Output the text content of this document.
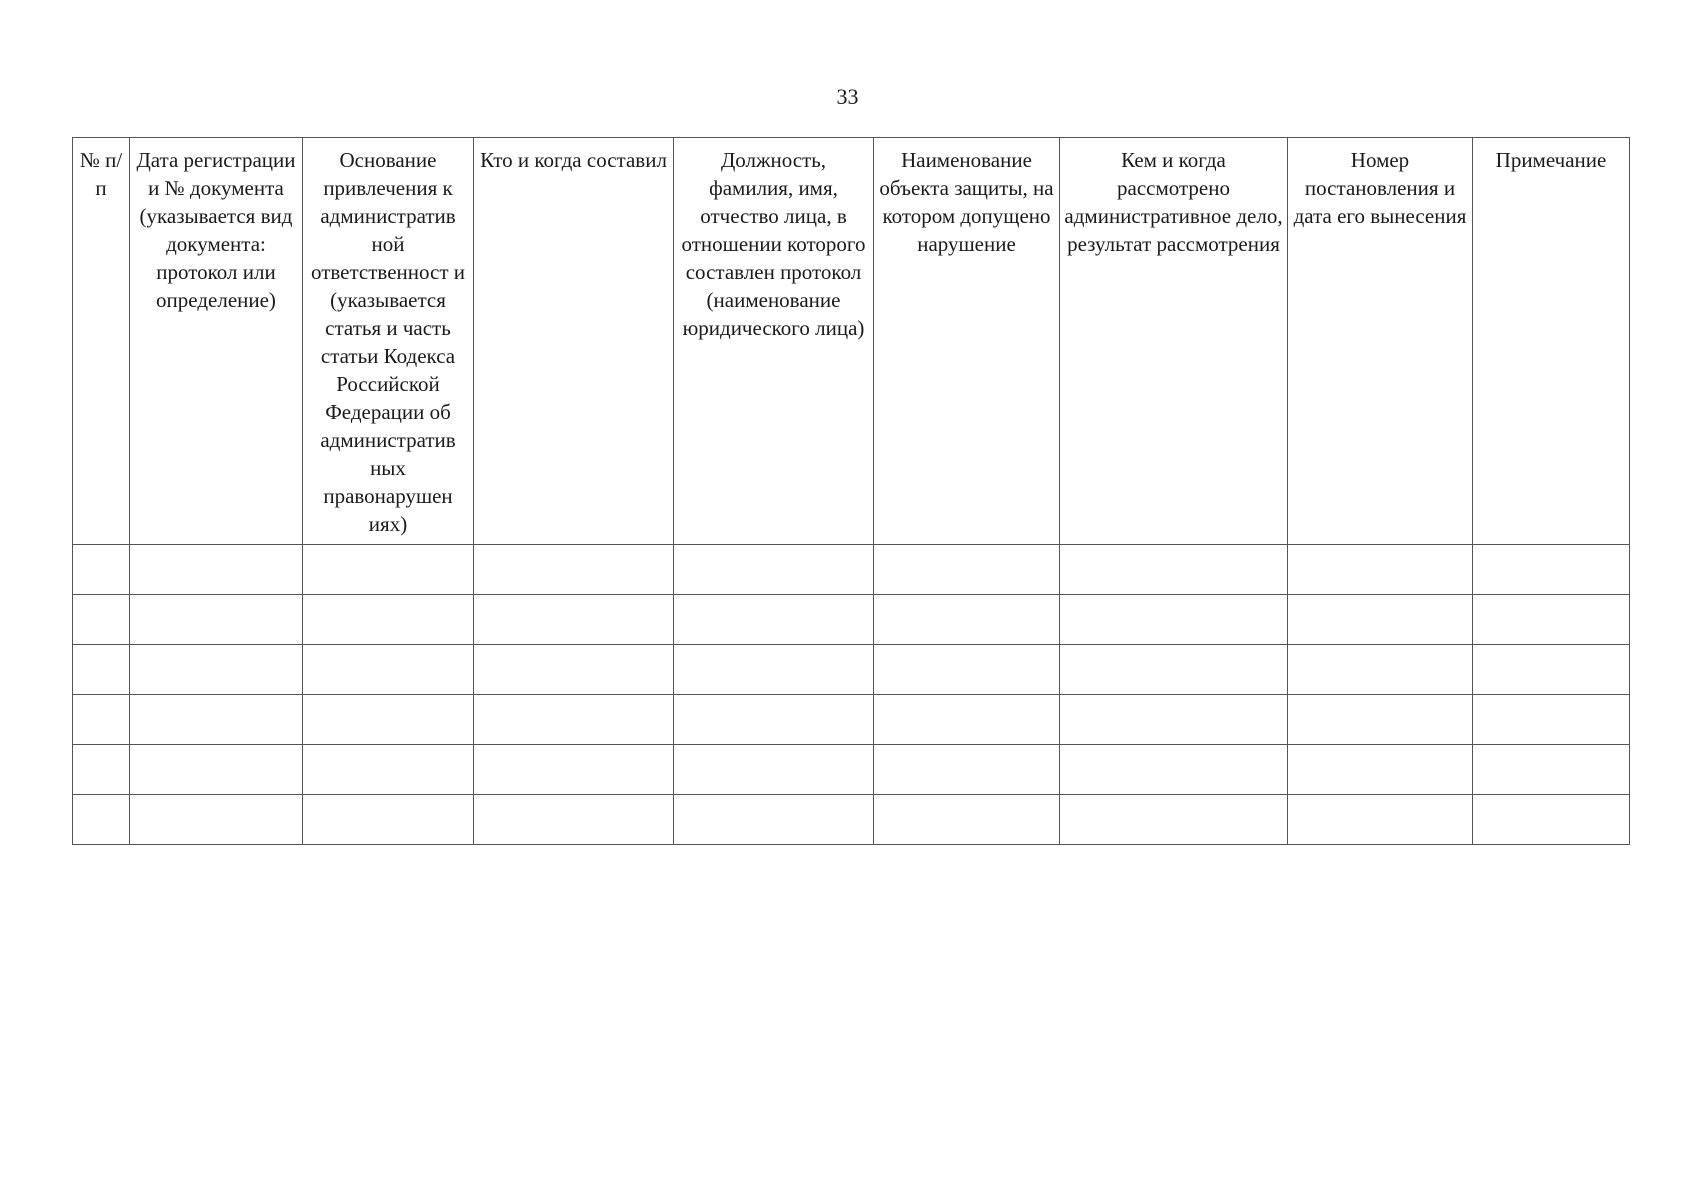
33
№ п/п	Дата регистрации и № документа (указывается вид документа: протокол или определение)	Основание привлечения к административ ной ответственност и (указывается статья и часть статьи Кодекса Российской Федерации об административ ных правонарушен иях)	Кто и когда составил	Должность, фамилия, имя, отчество лица, в отношении которого составлен протокол (наименование юридического лица)	Наименование объекта защиты, на котором допущено нарушение	Кем и когда рассмотрено административное дело, результат рассмотрения	Номер постановления и дата его вынесения	Примечание
